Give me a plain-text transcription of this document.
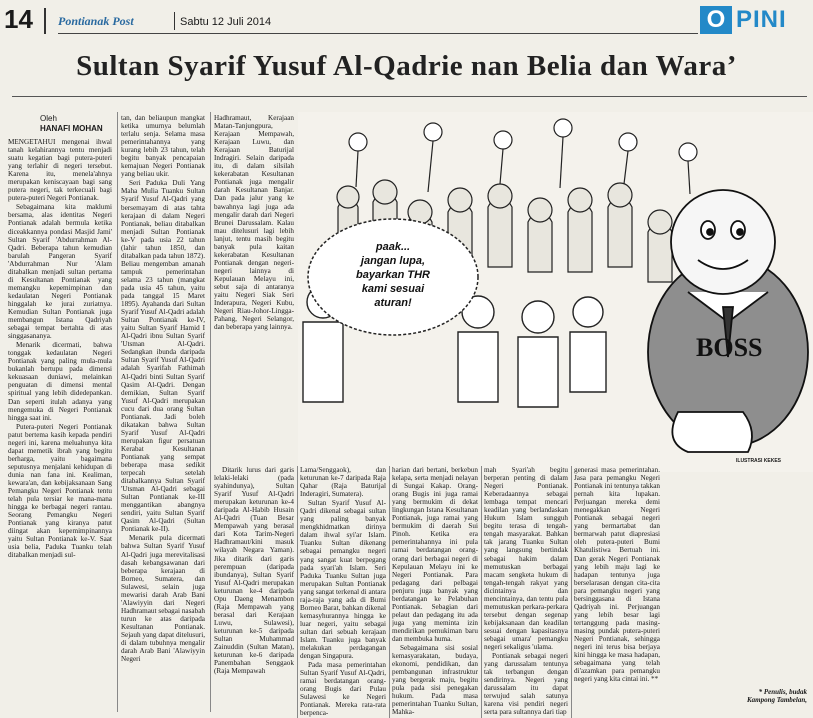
14 Pontianak Post	Sabtu 12 Juli 2014	O PINI
Sultan Syarif Yusuf Al-Qadrie nan Belia dan Wara’
Oleh
HANAFI MOHAN

MENGETAHUI mengenai ihwal tanah kelahirannya tentu menjadi suatu kegatian bagi putera-puteri yang terlahir di negeri tersebut. Karena itu, menela'ahnya merupakan keniscayaan bagi sang putera negeri, tak terkecuali bagi putera-puteri Negeri Pontianak.

Sebagaimana kita maklumi bersama, alas identitas Negeri Pontianak adalah bermula ketika diceakkannya pondasi Masjid Jami' Sultan Syarif 'Abdurrahman Al-Qadri. Beberapa tahun kemudian barulah Pangeran Syarif 'Abdurrahman Nur 'Alam ditabalkan menjadi sultan pertama di Kesultanan Pontianak yang memangku kepemimpinan dan kedaulatan Negeri Pontianak hinggalah ke jurai zuriatnya. Kemudian Sultan Pontianak juga membangun Istana Qadriyah sebagai tempat bertahta di atas singgasananya.

Menarik dicermati, bahwa tonggak kedaulatan Negeri Pontianak yang paling mula-mula bukanlah bertupu pada dimensi kekuasaan duniawi, melainkan penguatan di dimensi mental spiritual yang lebih didedepankan. Dan seperti itulah adanya yang mengemuka di Negeri Pontianak hingga saat ini.

Putera-puteri Negeri Pontianak patut bertema kasih kepada pendiri negeri ini, karena meluahunya kita dapat memetik ibrah yang begitu berharga, yaitu bagaimana seputusnya menjalani kehidupan di dunia nan fana ini. Kealiman, kewara'an, dan kebijaksanaan Sang Pemangku Negeri Pontianak tentu telah pula tersiar ke mana-mana hingga ke berbagai negeri rantau. Seorang Pemangku Negeri Pontianak yang kiranya patut diingat akan kepemimpinannya yaitu Sultan Pontianak ke-V. Saat usia belia, Paduka Tuanku telah ditabalkan menjadi sul-

tan, dan beliaupun mangkat ketika umurnya belumlah terlalu senja. Selama masa pemerintahannya yang kurang lebih 23 tahun, telah begitu banyak pencapaian kemajuan Negeri Pontianak yang beliau ukir.

Seri Paduka Duli Yang Maha Mulia Tuanku Sultan Syarif Yusuf Al-Qadri yang bersemayam di atas tahta kerajaan di dalam Negeri Pontianak, beliau ditabalkan menjadi Sultan Pontianak ke-V pada usia 22 tahun (lahir tahun 1850, dan ditabalkan pada tahun 1872). Beliau mengemban amanah tampuk pemerintahan selama 23 tahun (mangkat pada usia 45 tahun, yaitu pada tanggal 15 Maret 1895). Ayahanda dari Sultan Syarif Yusuf Al-Qadri adalah Sultan Pontianak ke-IV, yaitu Sultan Syarif Hamid I Al-Qadri ibnu Sultan Syarif 'Utsman Al-Qadri. Sedangkan ibunda daripada Sultan Syarif Yusuf Al-Qadri adalah Syarifah Fathimah Al-Qadri binti Sultan Syarif Qasim Al-Qadri. Dengan demikian, Sultan Syarif Yusuf Al-Qadri merupakan cucu dari dua orang Sultan Pontianak. Jadi boleh dikatakan bahwa Sultan Syarif Yusuf Al-Qadri merupakan figur persatuan Kerabat Kesultanan Pontianak yang sempat beberapa masa sedikit terpecah setelah ditabalkannya Sultan Syarif 'Utsman Al-Qadri sebagai Sultan Pontianak ke-III menggantikan abangnya sendiri, yaitu Sultan Syarif Qasim Al-Qadri (Sultan Pontianak ke-II).

Menarik pula dicermati bahwa Sultan Syarif Yusuf Al-Qadri juga merevitalisasi dasah kebangsawanan dari beberapa kerajaan di Borneo, Sumatera, dan Sulawesi, selain juga mewarisi darah Arab Bani 'Alawiyyin dari Negeri Hadhramaut sebagai nasabah turun ke atas daripada Kesultanan Pontianak. Sejauh yang dapat ditelusuri, di dalam tubuhnya mengalir darah Arab Bani 'Alawiyyin Negeri

Hadhramaut, Kerajaan Matan-Tanjungpura, Kerajaan Mempawah, Kerajaan Luwu, dan Kerajaan Baturijal Indragiri. Selain daripada itu, di dalam silsilah kekerabatan Kesultanan Pontianak juga mengalir darah Kesultanan Banjar. Dan pada jalur yang ke bawahnya lagi juga ada mengalir darah dari Negeri Brunei Darussalam. Kalau mau ditelusuri lagi lebih lanjut, tentu masih begitu banyak pula kaitan kekerabatan Kesultanan Pontianak dengan negeri-negeri lainnya di Kepulauan Melayu ini, sebut saja di antaranya yaitu Negeri Siak Seri Inderapura, Negeri Kubu, Negeri Riau-Johor-Lingga-Pahang, Negeri Selangor, dan beberapa yang lainnya.

paak...
jangan lupa,
bayarkan THR
kami sesuai
aturan!
BOSS
ILUSTRASI KEKES

Ditarik lurus dari garis lelaki-lelaki (pada syahindunya), Sultan Syarif Yusuf Al-Qadri merupakan keturunan ke-4 daripada Al-Habib Husain Al-Qadri (Tuan Besar Mempawah yang berasal dari Kota Tarim-Negeri Hadhramaut/kini masuk wilayah Negara Yaman). Jika ditarik dari garis perempuan (daripada ibundanya), Sultan Syarif Yusuf Al-Qadri merupakan keturunan ke-4 daripada Opu Daeng Menambon (Raja Mempawah yang berasal dari Kerajaan Luwu, Sulawesi), keturunan ke-5 daripada Sultan Muhammad Zainuddin (Sultan Matan), keturunan ke-6 daripada Panembahan Senggaok (Raja Mempawah

Lama/Senggaok), dan keturunan ke-7 daripada Raja Qahar (Raja Baturijal Inderagiri, Sumatera).

Sultan Syarif Yusuf Al-Qadri dikenal sebagai sultan yang paling banyak mengkhidmatkan dirinya dalam ihwal syi'ar Islam. Tuanku Sultan dikenang sebagai pemangku negeri yang sangat kuat berpegang pada syari'ah Islam. Seri Paduka Tuanku Sultan juga merupakan Sultan Pontianak yang sangat terkenal di antara raja-raja yang ada di Bumi Borneo Barat, bahkan dikenal kemasyhurannya hingga ke luar negeri, yaitu sebagai sultan dari sebuah kerajaan Islam. Tuanku juga banyak melakukan perdagangan dengan Singapura.

Pada masa pemerintahan Sultan Syarif Yusuf Al-Qadri, ramai berdatangan orang-orang Bugis dari Pulau Sulawesi ke Negeri Pontianak. Mereka rata-rata berpenca-

harian dari bertani, berkebun kelapa, serta menjadi nelayan di Sungai Kakap. Orang-orang Bugis ini juga ramai yang bermukim di dekat lingkungan Istana Kesultanan Pontianak, juga ramai yang bermukim di daerah Sui Pinoh. Ketika era pemerintahannya ini pula ramai berdatangan orang-orang dari berbagai negeri di Kepulauan Melayu ini ke Negeri Pontianak. Para pedagang dari pelbagai penjuru juga banyak yang berdatangan ke Pelabuhan Pontianak. Sebagian dari pelaut dan pedagang itu ada juga yang meminta izin mendirikan pemukiman baru dan membuka huma.

Sebagaimana sisi sosial kemasyarakatan, budaya, ekonomi, pendidikan, dan pembangunan infrastruktur yang bergerak maju, begitu pula pada sisi penegakan hukum. Pada masa pemerintahan Tuanku Sultan, Mahka-

mah Syari'ah begitu berperan penting di dalam Negeri Pontianak. Keberadaannya sebagai lembaga tempat mencari keadilan yang berlandaskan Hukum Islam sungguh begitu terasa di tengah-tengah masyarakat. Bahkan tak jarang Tuanku Sultan yang langsung bertindak sebagai hakim dalam memutuskan berbagai macam sengketa hukum di tengah-tengah rakyat yang dicintainya dan mencintainya, dan tentu pula memutuskan perkara-perkara tersebut dengan segenap kebijaksanaan dan keadilan sesuai dengan kapasitasnya sebagai umara' pemangku negeri sekaligus 'ulama.

Pontianak sebagai negeri yang darussalam tentunya tak terbangun dengan sendirinya. Negeri yang darussalam itu dapat terwujud salah satunya karena visi pendiri negeri serta para sultannya dari tiap

generasi masa pemerintahan. Jasa para pemangku Negeri Pontianak ini tentunya takkan pernah kita lupakan. Perjuangan mereka demi menegakkan Negeri Pontianak sebagai negeri yang bermartabat dan bermarwah patut diapresiasi oleh putera-puteri Bumi Khatulistiwa Bertuah ini. Dan gerak Negeri Pontianak yang lebih maju lagi ke hadapan tentunya juga berselarasan dengan cita-cita para pemangku negeri yang bersinggasana di Istana Qadriyah ini. Perjuangan yang lebih besar lagi tertanggung pada masing-masing pundak putera-puteri Negeri Pontianak, sehingga negeri ini terus bisa berjaya kini hingga ke masa hadapan, sebagaimana yang telah di'azamkan para pemangku negeri yang kita cintai ini. **

* Penulis, budak
Kampong Tambelan,
